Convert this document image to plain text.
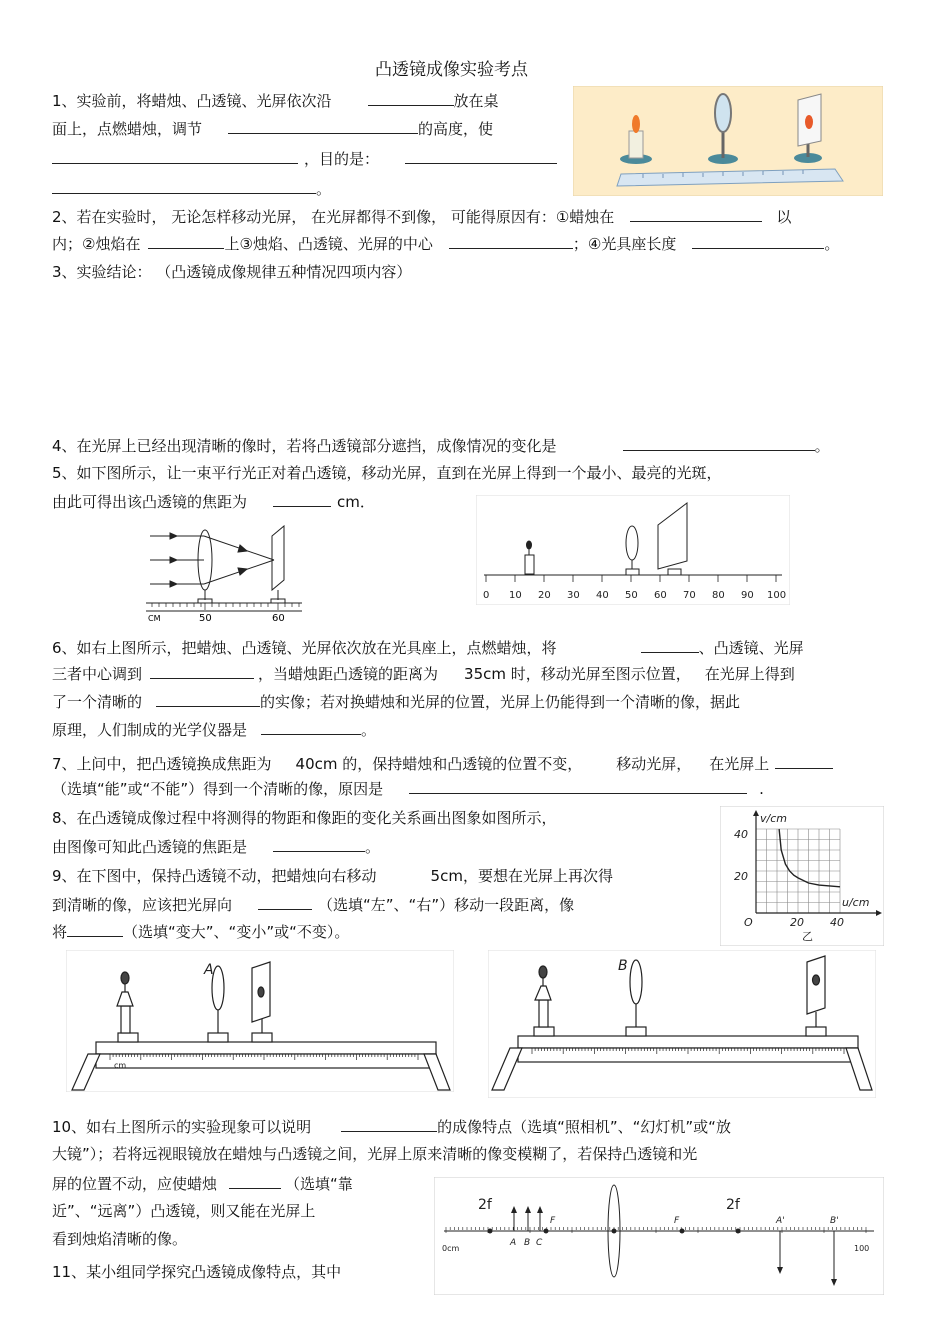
凸透镜成像实验考点
1、实验前，将蜡烛、凸透镜、光屏依次沿	放在桌
面上，点燃蜡烛，调节	的高度，使
，目的是：
。
2、若在实验时， 无论怎样移动光屏， 在光屏都得不到像， 可能得原因有：①蜡烛在	以
内；②烛焰在	上③烛焰、凸透镜、光屏的中心	；④光具座长度	。
3、实验结论： （凸透镜成像规律五种情况四项内容）
4、在光屏上已经出现清晰的像时，若将凸透镜部分遮挡，成像情况的变化是	。
5、如下图所示，让一束平行光正对着凸透镜，移动光屏，直到在光屏上得到一个最小、最亮的光斑，
由此可得出该凸透镜的焦距为	cm．
CM	50	60
0 10 20 30 40 50 60 70 80 90 100
6、如右上图所示，把蜡烛、凸透镜、光屏依次放在光具座上，点燃蜡烛，将	、凸透镜、光屏
三者中心调到	，当蜡烛距凸透镜的距离为 35cm 时，移动光屏至图示位置， 在光屏上得到
了一个清晰的	的实像；若对换蜡烛和光屏的位置，光屏上仍能得到一个清晰的像，据此
原理，人们制成的光学仪器是	。
7、上问中，把凸透镜换成焦距为 40cm 的，保持蜡烛和凸透镜的位置不变， 移动光屏， 在光屏上
（选填“能”或“不能”）得到一个清晰的像，原因是	.
8、在凸透镜成像过程中将测得的物距和像距的变化关系画出图象如图所示，
由图像可知此凸透镜的焦距是	。
v/cm
u/cm
40
20
O	20 40
乙
9、在下图中，保持凸透镜不动，把蜡烛向右移动	5cm，要想在光屏上再次得
到清晰的像，应该把光屏向	（选填“左”、“右”）移动一段距离，像
将	（选填“变大”、“变小”或“不变）。
A
cm
B
10、如右上图所示的实验现象可以说明	的成像特点（选填“照相机”、“幻灯机”或“放
大镜”）；若将远视眼镜放在蜡烛与凸透镜之间，光屏上原来清晰的像变模糊了，若保持凸透镜和光
屏的位置不动，应使蜡烛	（选填“靠
近”、“远离”）凸透镜，则又能在光屏上
看到烛焰清晰的像。
11、某小组同学探究凸透镜成像特点，其中
2f	2f
0cm	100
A B C
F	F	A'	B'
